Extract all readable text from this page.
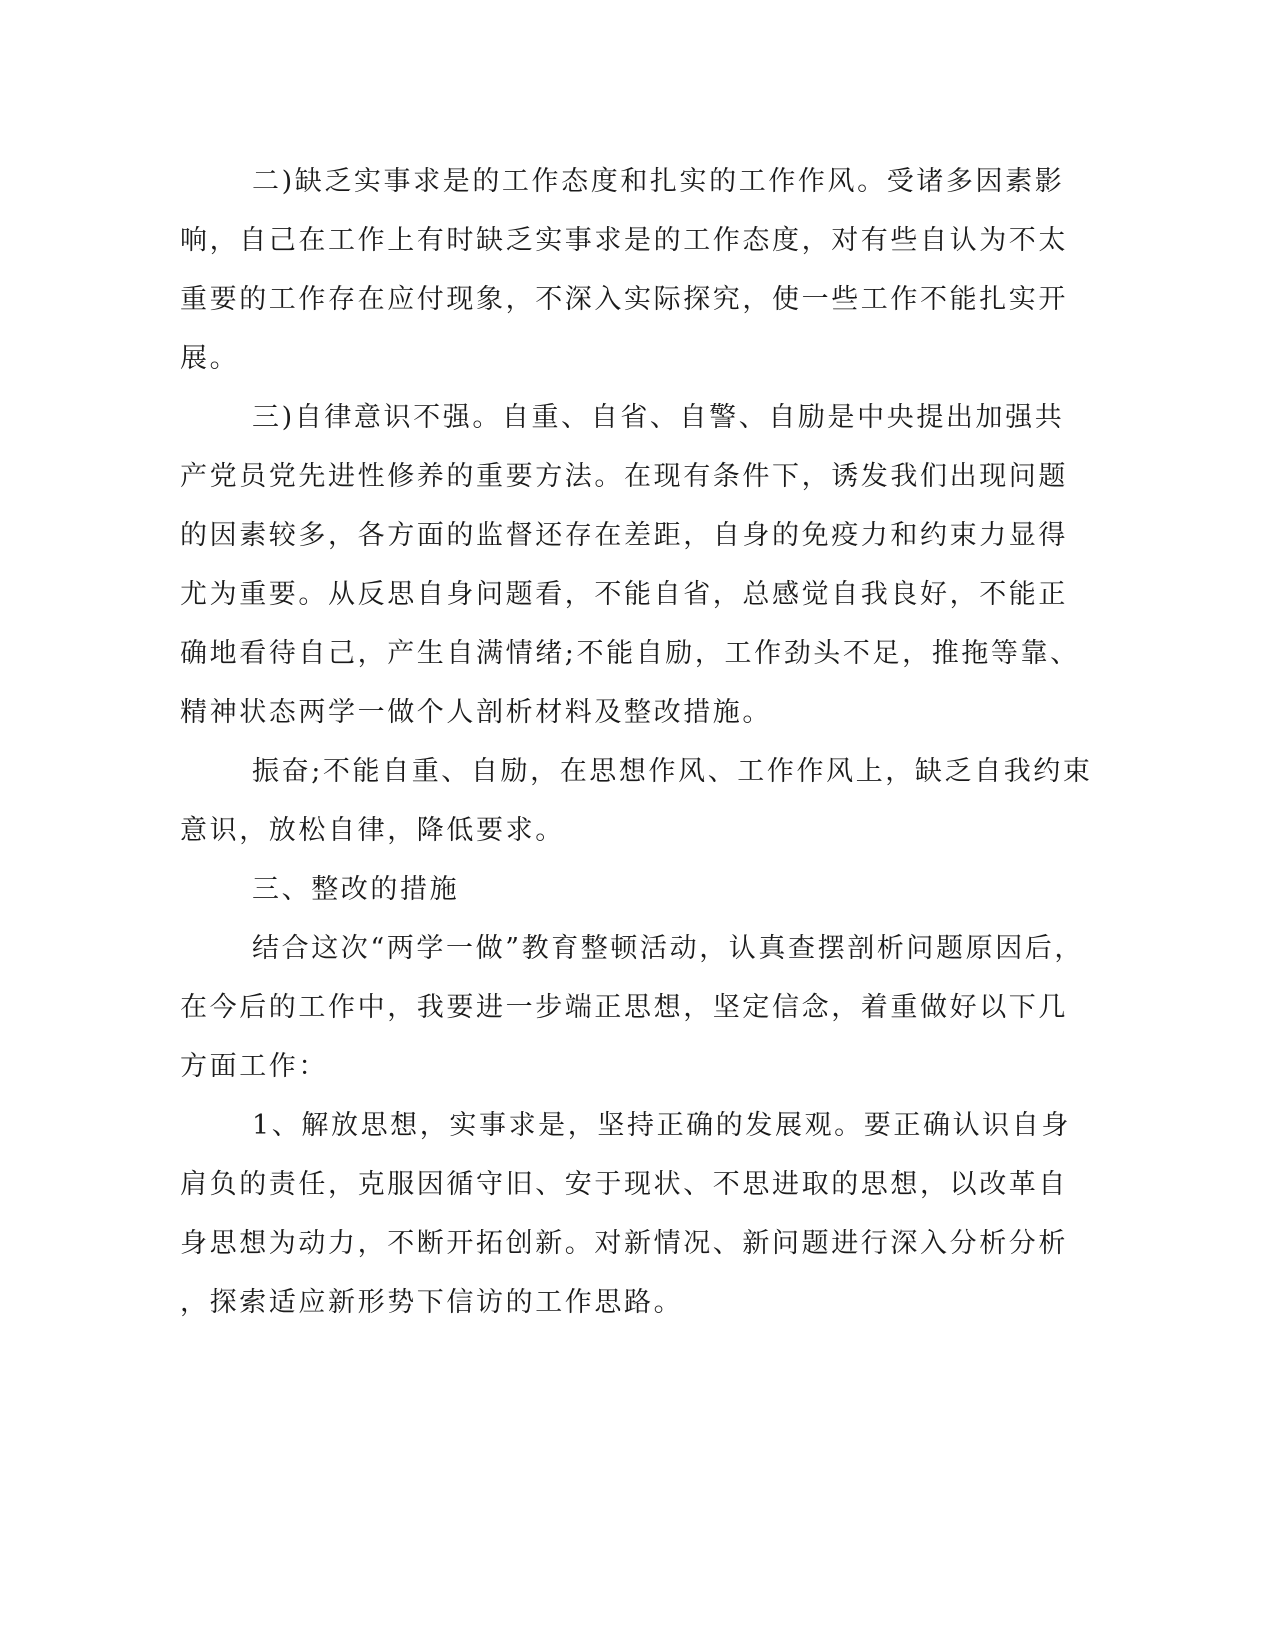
二)缺乏实事求是的工作态度和扎实的工作作风。受诸多因素影
响，自己在工作上有时缺乏实事求是的工作态度，对有些自认为不太
重要的工作存在应付现象，不深入实际探究，使一些工作不能扎实开
展。
三)自律意识不强。自重、自省、自警、自励是中央提出加强共
产党员党先进性修养的重要方法。在现有条件下，诱发我们出现问题
的因素较多，各方面的监督还存在差距，自身的免疫力和约束力显得
尤为重要。从反思自身问题看，不能自省，总感觉自我良好，不能正
确地看待自己，产生自满情绪;不能自励，工作劲头不足，推拖等靠、
精神状态两学一做个人剖析材料及整改措施。
振奋;不能自重、自励，在思想作风、工作作风上，缺乏自我约束
意识，放松自律，降低要求。
三、整改的措施
结合这次“两学一做”教育整顿活动，认真查摆剖析问题原因后，
在今后的工作中，我要进一步端正思想，坚定信念，着重做好以下几
方面工作：
1、解放思想，实事求是，坚持正确的发展观。要正确认识自身
肩负的责任，克服因循守旧、安于现状、不思进取的思想，以改革自
身思想为动力，不断开拓创新。对新情况、新问题进行深入分析分析
，探索适应新形势下信访的工作思路。
